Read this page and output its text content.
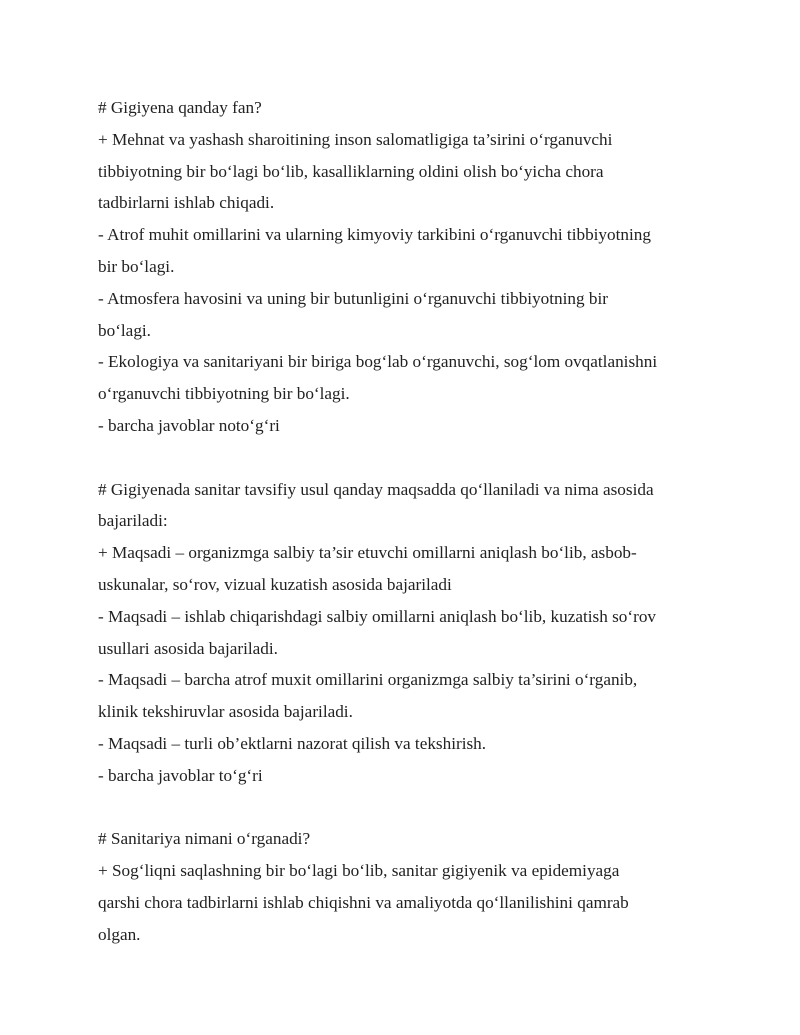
# Gigiyena qanday fan?
+ Mehnat va yashash sharoitining inson salomatligiga ta’sirini o‘rganuvchi
tibbiyotning bir bo‘lagi bo‘lib, kasalliklarning oldini olish bo‘yicha chora
tadbirlarni ishlab chiqadi.
- Atrof muhit omillarini va ularning kimyoviy tarkibini o‘rganuvchi tibbiyotning
bir bo‘lagi.
- Atmosfera havosini va uning bir butunligini o‘rganuvchi tibbiyotning bir
bo‘lagi.
- Ekologiya va sanitariyani bir biriga bog‘lab o‘rganuvchi, sog‘lom ovqatlanishni
o‘rganuvchi tibbiyotning bir bo‘lagi.
- barcha javoblar noto‘g‘ri
# Gigiyenada sanitar tavsifiy usul qanday maqsadda qo‘llaniladi va nima asosida
bajariladi:
+ Maqsadi – organizmga salbiy ta’sir etuvchi omillarni aniqlash bo‘lib, asbob-
uskunalar, so‘rov, vizual kuzatish asosida bajariladi
- Maqsadi – ishlab chiqarishdagi salbiy omillarni aniqlash bo‘lib, kuzatish so‘rov
usullari asosida bajariladi.
- Maqsadi – barcha atrof muxit omillarini organizmga salbiy ta’sirini o‘rganib,
klinik tekshiruvlar asosida bajariladi.
- Maqsadi – turli ob’ektlarni nazorat qilish va tekshirish.
- barcha javoblar to‘g‘ri
# Sanitariya nimani o‘rganadi?
+ Sog‘liqni saqlashning bir bo‘lagi bo‘lib, sanitar gigiyenik va epidemiyaga
qarshi chora tadbirlarni ishlab chiqishni va amaliyotda qo‘llanilishini qamrab
olgan.
